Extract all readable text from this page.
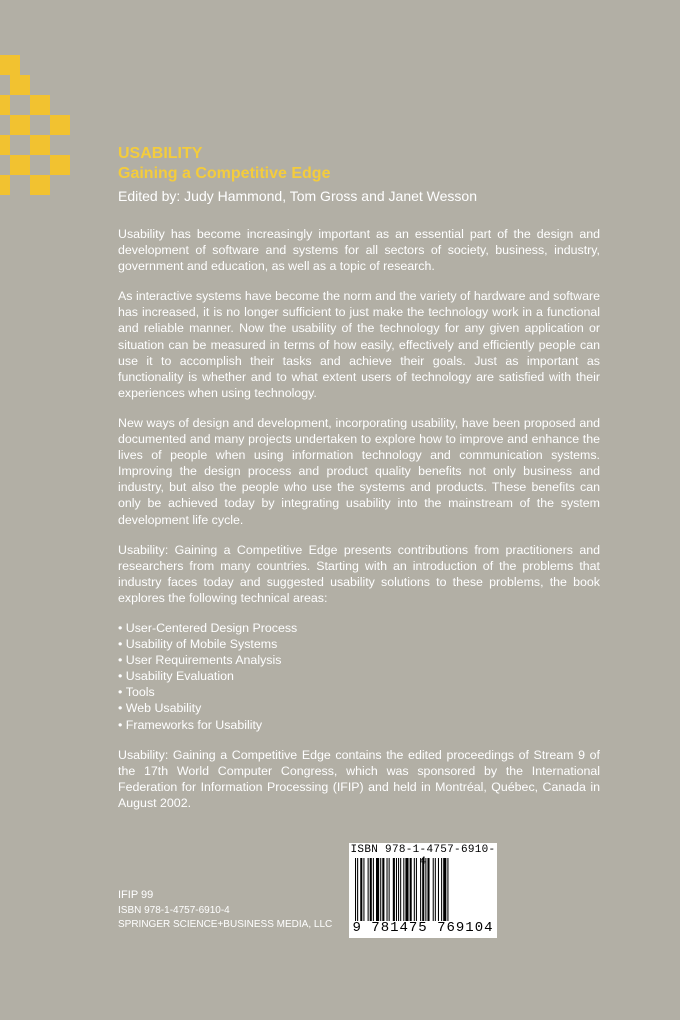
USABILITY
Gaining a Competitive Edge
Edited by: Judy Hammond, Tom Gross and Janet Wesson

Usability has become increasingly important as an essential part of the design and development of software and systems for all sectors of society, business, industry, government and education, as well as a topic of research.

As interactive systems have become the norm and the variety of hardware and software has increased, it is no longer sufficient to just make the technology work in a functional and reliable manner. Now the usability of the technology for any given application or situation can be measured in terms of how easily, effectively and efficiently people can use it to accomplish their tasks and achieve their goals. Just as important as functionality is whether and to what extent users of technology are satisfied with their experiences when using technology.

New ways of design and development, incorporating usability, have been proposed and documented and many projects undertaken to explore how to improve and enhance the lives of people when using information technology and communication systems. Improving the design process and product quality benefits not only business and industry, but also the people who use the systems and products. These benefits can only be achieved today by integrating usability into the mainstream of the system development life cycle.

Usability: Gaining a Competitive Edge presents contributions from practitioners and researchers from many countries. Starting with an introduction of the problems that industry faces today and suggested usability solutions to these problems, the book explores the following technical areas:

• User-Centered Design Process
• Usability of Mobile Systems
• User Requirements Analysis
• Usability Evaluation
• Tools
• Web Usability
• Frameworks for Usability

Usability: Gaining a Competitive Edge contains the edited proceedings of Stream 9 of the 17th World Computer Congress, which was sponsored by the International Federation for Information Processing (IFIP) and held in Montréal, Québec, Canada in August 2002.

IFIP 99
ISBN 978-1-4757-6910-4
SPRINGER SCIENCE+BUSINESS MEDIA, LLC
ISBN 978-1-4757-6910-
9 781475 769104
